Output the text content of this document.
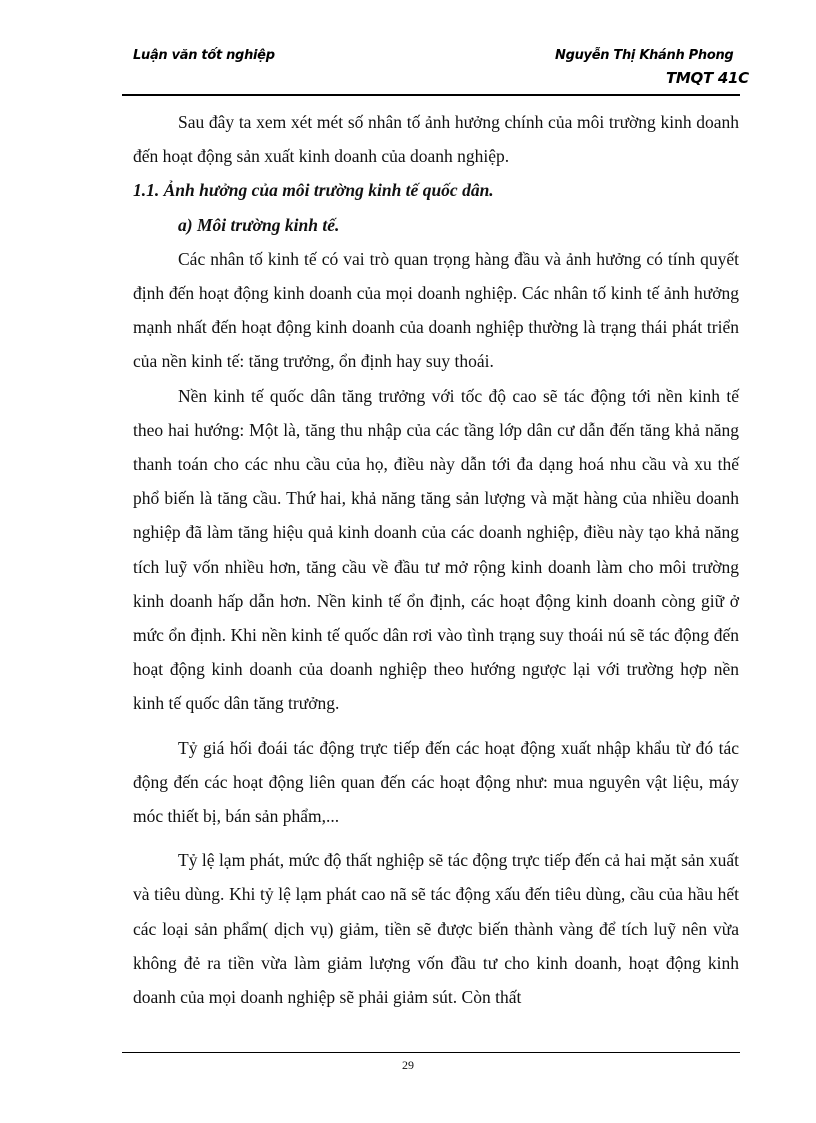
Luận văn tốt nghiệp	Nguyễn Thị Khánh Phong
TMQT 41C

Sau đây ta xem xét mét số nhân tố ảnh hưởng chính của môi trường kinh doanh đến hoạt động sản xuất kinh doanh của doanh nghiệp.

1.1. Ảnh hưởng của môi trường kinh tế quốc dân.

a) Môi trường kinh tế.

Các nhân tố kinh tế có vai trò quan trọng hàng đầu và ảnh hưởng có tính quyết định đến hoạt động kinh doanh của mọi doanh nghiệp. Các nhân tố kinh tế ảnh hưởng mạnh nhất đến hoạt động kinh doanh của doanh nghiệp thường là trạng thái phát triển của nền kinh tế: tăng trưởng, ổn định hay suy thoái.

Nền kinh tế quốc dân tăng trưởng với tốc độ cao sẽ tác động tới nền kinh tế theo hai hướng: Một là, tăng thu nhập của các tầng lớp dân cư dẫn đến tăng khả năng thanh toán cho các nhu cầu của họ, điều này dẫn tới đa dạng hoá nhu cầu và xu thế phổ biến là tăng cầu. Thứ hai, khả năng tăng sản lượng và mặt hàng của nhiều doanh nghiệp đã làm tăng hiệu quả kinh doanh của các doanh nghiệp, điều này tạo khả năng tích luỹ vốn nhiều hơn, tăng cầu về đầu tư mở rộng kinh doanh làm cho môi trường kinh doanh hấp dẫn hơn. Nền kinh tế ổn định, các hoạt động kinh doanh còng giữ ở mức ổn định. Khi nền kinh tế quốc dân rơi vào tình trạng suy thoái nú sẽ tác động đến hoạt động kinh doanh của doanh nghiệp theo hướng ngược lại với trường hợp nền kinh tế quốc dân tăng trưởng.

Tỷ giá hối đoái tác động trực tiếp đến các hoạt động xuất nhập khẩu từ đó tác động đến các hoạt động liên quan đến các hoạt động như: mua nguyên vật liệu, máy móc thiết bị, bán sản phẩm,...

Tỷ lệ lạm phát, mức độ thất nghiệp sẽ tác động trực tiếp đến cả hai mặt sản xuất và tiêu dùng. Khi tỷ lệ lạm phát cao nã sẽ tác động xấu đến tiêu dùng, cầu của hầu hết các loại sản phẩm( dịch vụ) giảm, tiền sẽ được biến thành vàng để tích luỹ nên vừa không đẻ ra tiền vừa làm giảm lượng vốn đầu tư cho kinh doanh, hoạt động kinh doanh của mọi doanh nghiệp sẽ phải giảm sút. Còn thất

29
